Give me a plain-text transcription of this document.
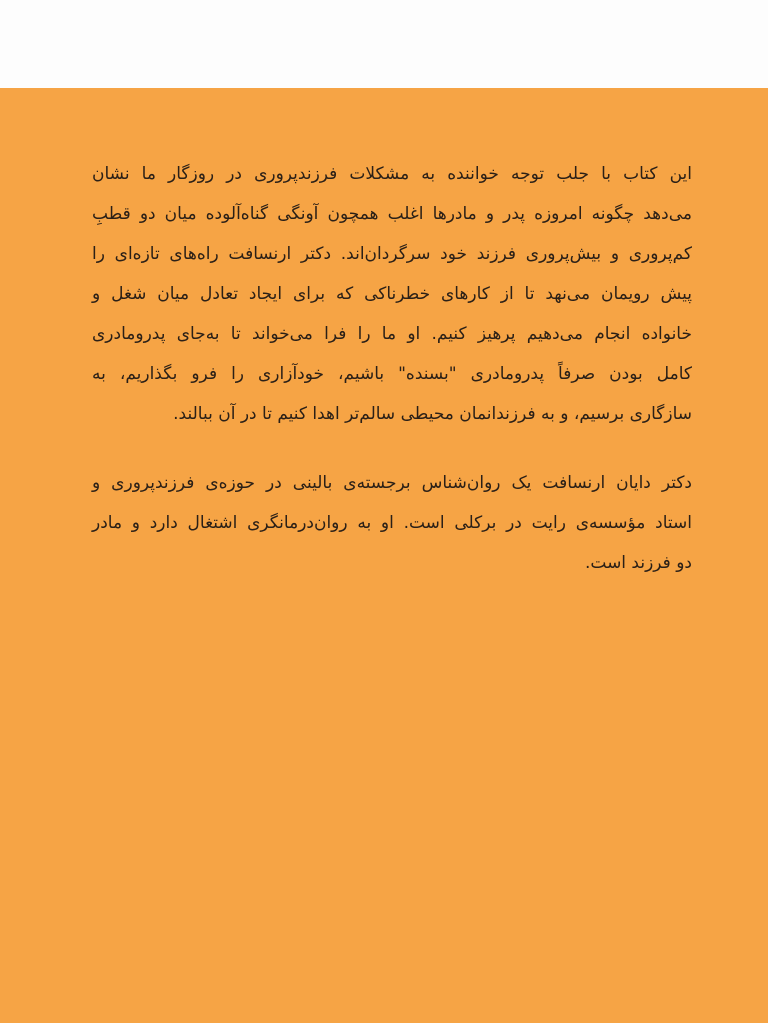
این کتاب با جلب توجه خواننده به مشکلات فرزندپروری در روزگار ما نشان
می‌دهد چگونه امروزه پدر و مادرها اغلب همچون آونگی گناه‌آلوده میان دو قطبِ
کم‌پروری و بیش‌پروری فرزند خود سرگردان‌اند. دکتر ارنسافت راه‌های تازه‌ای را
پیش رویمان می‌نهد تا از کارهای خطرناکی که برای ایجاد تعادل میان شغل و
خانواده انجام می‌دهیم پرهیز کنیم. او ما را فرا می‌خواند تا به‌جای پدرومادری
کامل بودن صرفاً پدرومادری "بسنده" باشیم، خودآزاری را فرو بگذاریم، به
سازگاری برسیم، و به فرزندانمان محیطی سالم‌تر اهدا کنیم تا در آن ببالند.
دکتر دایان ارنسافت یک روان‌شناس برجسته‌ی بالینی در حوزه‌ی فرزندپروری و
استاد مؤسسه‌ی رایت در برکلی است. او به روان‌درمانگری اشتغال دارد و مادر
دو فرزند است.
